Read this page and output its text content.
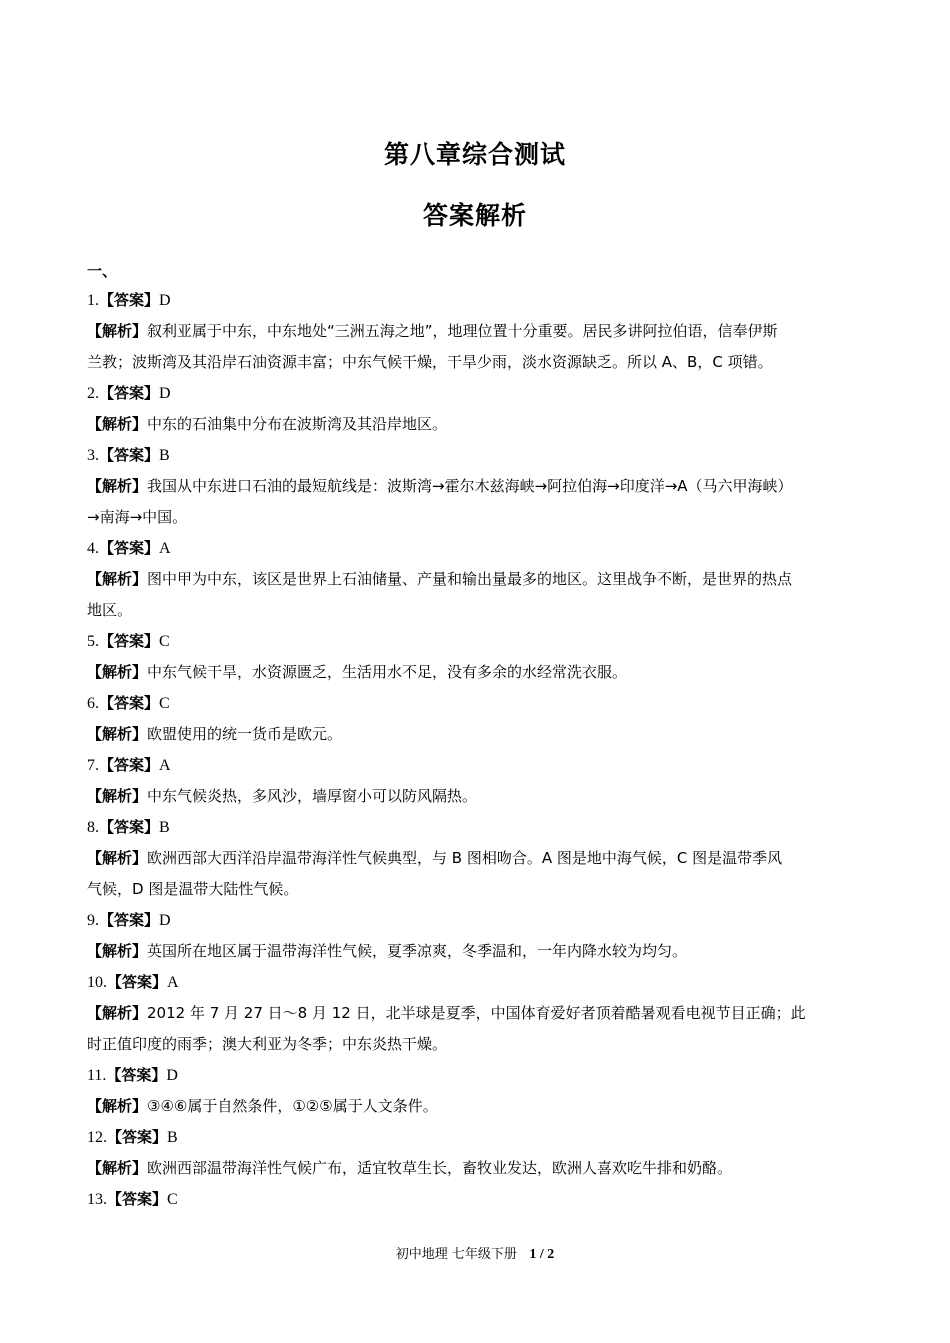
第八章综合测试
答案解析
一、
1.【答案】D
【解析】叙利亚属于中东，中东地处“三洲五海之地”，地理位置十分重要。居民多讲阿拉伯语，信奉伊斯
兰教；波斯湾及其沿岸石油资源丰富；中东气候干燥，干旱少雨，淡水资源缺乏。所以 A、B，C 项错。
2.【答案】D
【解析】中东的石油集中分布在波斯湾及其沿岸地区。
3.【答案】B
【解析】我国从中东进口石油的最短航线是：波斯湾→霍尔木兹海峡→阿拉伯海→印度洋→A（马六甲海峡）
→南海→中国。
4.【答案】A
【解析】图中甲为中东，该区是世界上石油储量、产量和输出量最多的地区。这里战争不断，是世界的热点
地区。
5.【答案】C
【解析】中东气候干旱，水资源匮乏，生活用水不足，没有多余的水经常洗衣服。
6.【答案】C
【解析】欧盟使用的统一货币是欧元。
7.【答案】A
【解析】中东气候炎热，多风沙，墙厚窗小可以防风隔热。
8.【答案】B
【解析】欧洲西部大西洋沿岸温带海洋性气候典型，与 B 图相吻合。A 图是地中海气候，C 图是温带季风
气候，D 图是温带大陆性气候。
9.【答案】D
【解析】英国所在地区属于温带海洋性气候，夏季凉爽，冬季温和，一年内降水较为均匀。
10.【答案】A
【解析】2012 年 7 月 27 日～8 月 12 日，北半球是夏季，中国体育爱好者顶着酷暑观看电视节目正确；此
时正值印度的雨季；澳大利亚为冬季；中东炎热干燥。
11.【答案】D
【解析】③④⑥属于自然条件，①②⑤属于人文条件。
12.【答案】B
【解析】欧洲西部温带海洋性气候广布，适宜牧草生长，畜牧业发达，欧洲人喜欢吃牛排和奶酪。
13.【答案】C
初中地理 七年级下册 1 / 2
